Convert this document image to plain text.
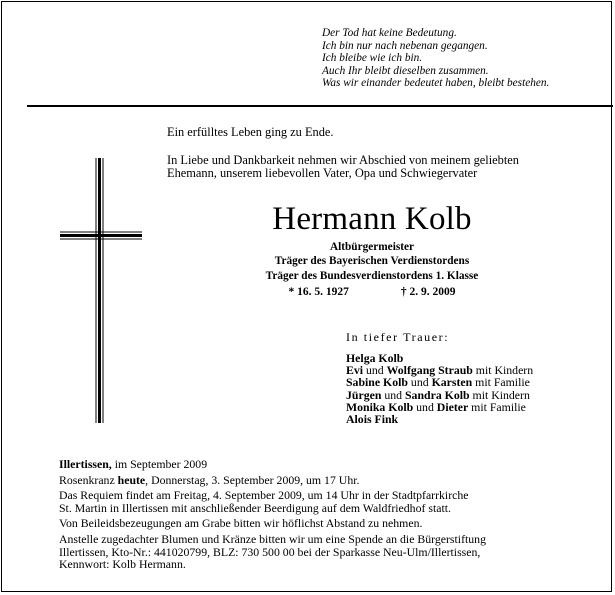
Der Tod hat keine Bedeutung.
Ich bin nur nach nebenan gegangen.
Ich bleibe wie ich bin.
Auch Ihr bleibt dieselben zusammen.
Was wir einander bedeutet haben, bleibt bestehen.
Ein erfülltes Leben ging zu Ende.
In Liebe und Dankbarkeit nehmen wir Abschied von meinem geliebten
Ehemann, unserem liebevollen Vater, Opa und Schwiegervater
Hermann Kolb
Altbürgermeister
Träger des Bayerischen Verdienstordens
Träger des Bundesverdienstordens 1. Klasse
* 16. 5. 1927	† 2. 9. 2009
In tiefer Trauer:
Helga Kolb
Evi und Wolfgang Straub mit Kindern
Sabine Kolb und Karsten mit Familie
Jürgen und Sandra Kolb mit Kindern
Monika Kolb und Dieter mit Familie
Alois Fink
Illertissen, im September 2009
Rosenkranz heute, Donnerstag, 3. September 2009, um 17 Uhr.
Das Requiem findet am Freitag, 4. September 2009, um 14 Uhr in der Stadtpfarrkirche
St. Martin in Illertissen mit anschließender Beerdigung auf dem Waldfriedhof statt.
Von Beileidsbezeugungen am Grabe bitten wir höflichst Abstand zu nehmen.
Anstelle zugedachter Blumen und Kränze bitten wir um eine Spende an die Bürgerstiftung
Illertissen, Kto-Nr.: 441020799, BLZ: 730 500 00 bei der Sparkasse Neu-Ulm/Illertissen,
Kennwort: Kolb Hermann.
